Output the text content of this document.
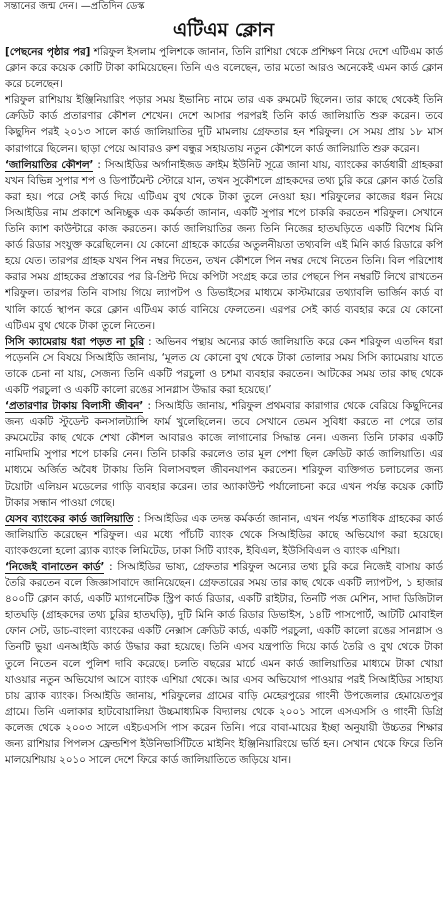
সন্তানের জন্ম দেন। —প্রতিদিন ডেস্ক
এটিএম ক্লোন

[পেছনের পৃষ্ঠার পর] শরিফুল ইসলাম পুলিশকে জানান, তিনি রাশিয়া থেকে প্রশিক্ষণ নিয়ে দেশে এটিএম কার্ড ক্লোন করে কয়েক কোটি টাকা কামিয়েছেন। তিনি এও বলেছেন, তার মতো আরও অনেকেই এমন কার্ড ক্লোন করে চলেছেন।

শরিফুল রাশিয়ায় ইঞ্জিনিয়ারিং পড়ার সময় ইভানিচ নামে তার এক রুমমেট ছিলেন। তার কাছে থেকেই তিনি ক্রেডিট কার্ড প্রতারণার কৌশল শেখেন। দেশে আসার পরপরই তিনি কার্ড জালিয়াতি শুরু করেন। তবে কিছুদিন পরই ২০১৩ সালে কার্ড জালিয়াতির দুটি মামলায় গ্রেফতার হন শরিফুল। সে সময় প্রায় ১৮ মাস কারাগারে ছিলেন। ছাড়া পেয়ে আবারও রুশ বন্ধুর সহায়তায় নতুন কৌশলে কার্ড জালিয়াতি শুরু করেন।

‘জালিয়াতির কৌশল’ : সিআইডির অর্গানাইজড ক্রাইম ইউনিট সূত্রে জানা যায়, ব্যাংকের কার্ডধারী গ্রাহকরা যখন বিভিন্ন সুপার শপ ও ডিপার্টমেন্ট স্টোরে যান, তখন সুকৌশলে গ্রাহকদের তথ্য চুরি করে ক্লোন কার্ড তৈরি করা হয়। পরে সেই কার্ড দিয়ে এটিএম বুথ থেকে টাকা তুলে নেওয়া হয়। শরিফুলের কাজের ধরন নিয়ে সিআইডির নাম প্রকাশে অনিচ্ছুক এক কর্মকর্তা জানান, একটি সুপার শপে চাকরি করতেন শরিফুল। সেখানে তিনি ক্যাশ কাউন্টারে কাজ করতেন। কার্ড জালিয়াতির জন্য তিনি নিজের হাতঘড়িতে একটি বিশেষ মিনি কার্ড রিডার সংযুক্ত করেছিলেন। যে কোনো গ্রাহকে কার্ডের অতুলনীয়তা তথ্যবলি এই মিনি কার্ড রিডারে কপি হয়ে যেত। তারপর গ্রাহক যখন পিন নম্বর দিতেন, তখন কৌশলে পিন নম্বর দেখে নিতেন তিনি। বিল পরিশোধ করার সময় গ্রাহকের প্রস্তাবের পর রি-প্রিন্ট দিয়ে কপিটা সংগ্রহ করে তার পেছনে পিন নম্বরটি লিখে রাখতেন শরিফুল। তারপর তিনি বাসায় গিয়ে ল্যাপটপ ও ডিভাইসের মাধ্যমে কাস্টমারের তথ্যাবলি ভার্জিন কার্ড বা খালি কার্ডে স্থাপন করে ক্লোন এটিএম কার্ড বানিয়ে ফেলতেন। এরপর সেই কার্ড ব্যবহার করে যে কোনো এটিএম বুথ থেকে টাকা তুলে নিতেন।

সিসি ক্যামেরায় ধরা পড়ত না চুরি : অভিনব পন্থায় অন্যের কার্ড জালিয়াতি করে কেন শরিফুল এতদিন ধরা পড়েননি সে বিষয়ে সিআইডি জানায়, ‘মূলত যে কোনো বুথ থেকে টাকা তোলার সময় সিসি ক্যামেরায় যাতে তাকে চেনা না যায়, সেজন্য তিনি একটি পরচুলা ও চশমা ব্যবহার করতেন। আটকের সময় তার কাছ থেকে একটি পরচুলা ও একটি কালো রঙের সানগ্লাস উদ্ধার করা হয়েছে।’

‘প্রতারণার টাকায় বিলাসী জীবন’ : সিআইডি জানায়, শরিফুল প্রথমবার কারাগার থেকে বেরিয়ে কিছুদিনের জন্য একটি স্টুডেন্ট কনসালট্যান্সি ফার্ম খুলেছিলেন। তবে সেখানে তেমন সুবিধা করতে না পেরে তার রুমমেটের কাছ থেকে শেখা কৌশল আবারও কাজে লাগানোর সিদ্ধান্ত নেন। এজন্য তিনি ঢাকার একটি নামিদামি সুপার শপে চাকরি নেন। তিনি চাকরি করলেও তার মূল পেশা ছিল ক্রেডিট কার্ড জালিয়াতি। এর মাধ্যমে অর্জিত অবৈধ টাকায় তিনি বিলাসবহুল জীবনযাপন করতেন। শরিফুল ব্যক্তিগত চলাচলের জন্য টয়োটা এলিয়ন মডেলের গাড়ি ব্যবহার করেন। তার অ্যাকাউন্ট পর্যালোচনা করে এখন পর্যন্ত কয়েক কোটি টাকার সন্ধান পাওয়া গেছে।

যেসব ব্যাংকের কার্ড জালিয়াতি : সিআইডির এক তদন্ত কর্মকর্তা জানান, এখন পর্যন্ত শতাধিক গ্রাহকের কার্ড জালিয়াতি করেছেন শরিফুল। এর মধ্যে পাঁচটি ব্যাংক থেকে সিআইডির কাছে অভিযোগ করা হয়েছে। ব্যাংকগুলো হলো ব্র্যাক ব্যাংক লিমিটেড, ঢাকা সিটি ব্যাংক, ইবিএল, ইউসিবিএল ও ব্যাংক এশিয়া।

‘নিজেই বানাতেন কার্ড’ : সিআইডির ভাষ্য, গ্রেফতার শরিফুল অন্যের তথ্য চুরি করে নিজেই বাসায় কার্ড তৈরি করতেন বলে জিজ্ঞাসাবাদে জানিয়েছেন। গ্রেফতারের সময় তার কাছ থেকে একটি ল্যাপটপ, ১ হাজার ৪০০টি ক্লোন কার্ড, একটি ম্যাগনেটিক স্ট্রিপ কার্ড রিডার, একটি রাইটার, তিনটি পজ মেশিন, সাদা ডিজিটাল হাতঘড়ি (গ্রাহকদের তথ্য চুরির হাতঘড়ি), দুটি মিনি কার্ড রিডার ডিভাইস, ১৪টি পাসপোর্ট, আটটি মোবাইল ফোন সেট, ডাচ-বাংলা ব্যাংকের একটি নেক্সাস ক্রেডিট কার্ড, একটি পরচুলা, একটি কালো রঙের সানগ্লাস ও তিনটি ভুয়া এনআইডি কার্ড উদ্ধার করা হয়েছে। তিনি এসব যন্ত্রপাতি দিয়ে কার্ড তৈরি ও বুথ থেকে টাকা তুলে নিতেন বলে পুলিশ দাবি করেছে। চলতি বছরের মার্চে এমন কার্ড জালিয়াতির মাধ্যমে টাকা খোয়া যাওয়ার নতুন অভিযোগ আসে ব্যাংক এশিয়া থেকে। আর এসব অভিযোগ পাওয়ার পরই সিআইডির সাহায্য চায় ব্র্যাক ব্যাংক। সিআইডি জানায়, শরিফুলের গ্রামের বাড়ি মেহেরপুরের গাংনী উপজেলার হেমায়েতপুর গ্রামে। তিনি এলাকার হাটবোয়ালিয়া উচ্চমাধ্যমিক বিদ্যালয় থেকে ২০০১ সালে এসএসসি ও গাংনী ডিগ্রি কলেজ থেকে ২০০৩ সালে এইচএসসি পাস করেন তিনি। পরে বাবা-মায়ের ইচ্ছা অনুযায়ী উচ্চতর শিক্ষার জন্য রাশিয়ার পিপলস ফ্রেন্ডশিপ ইউনিভার্সিটিতে মাইনিং ইঞ্জিনিয়ারিংয়ে ভর্তি হন। সেখান থেকে ফিরে তিনি মালয়েশিয়ায় ২০১০ সালে দেশে ফিরে কার্ড জালিয়াতিতে জড়িয়ে যান।
